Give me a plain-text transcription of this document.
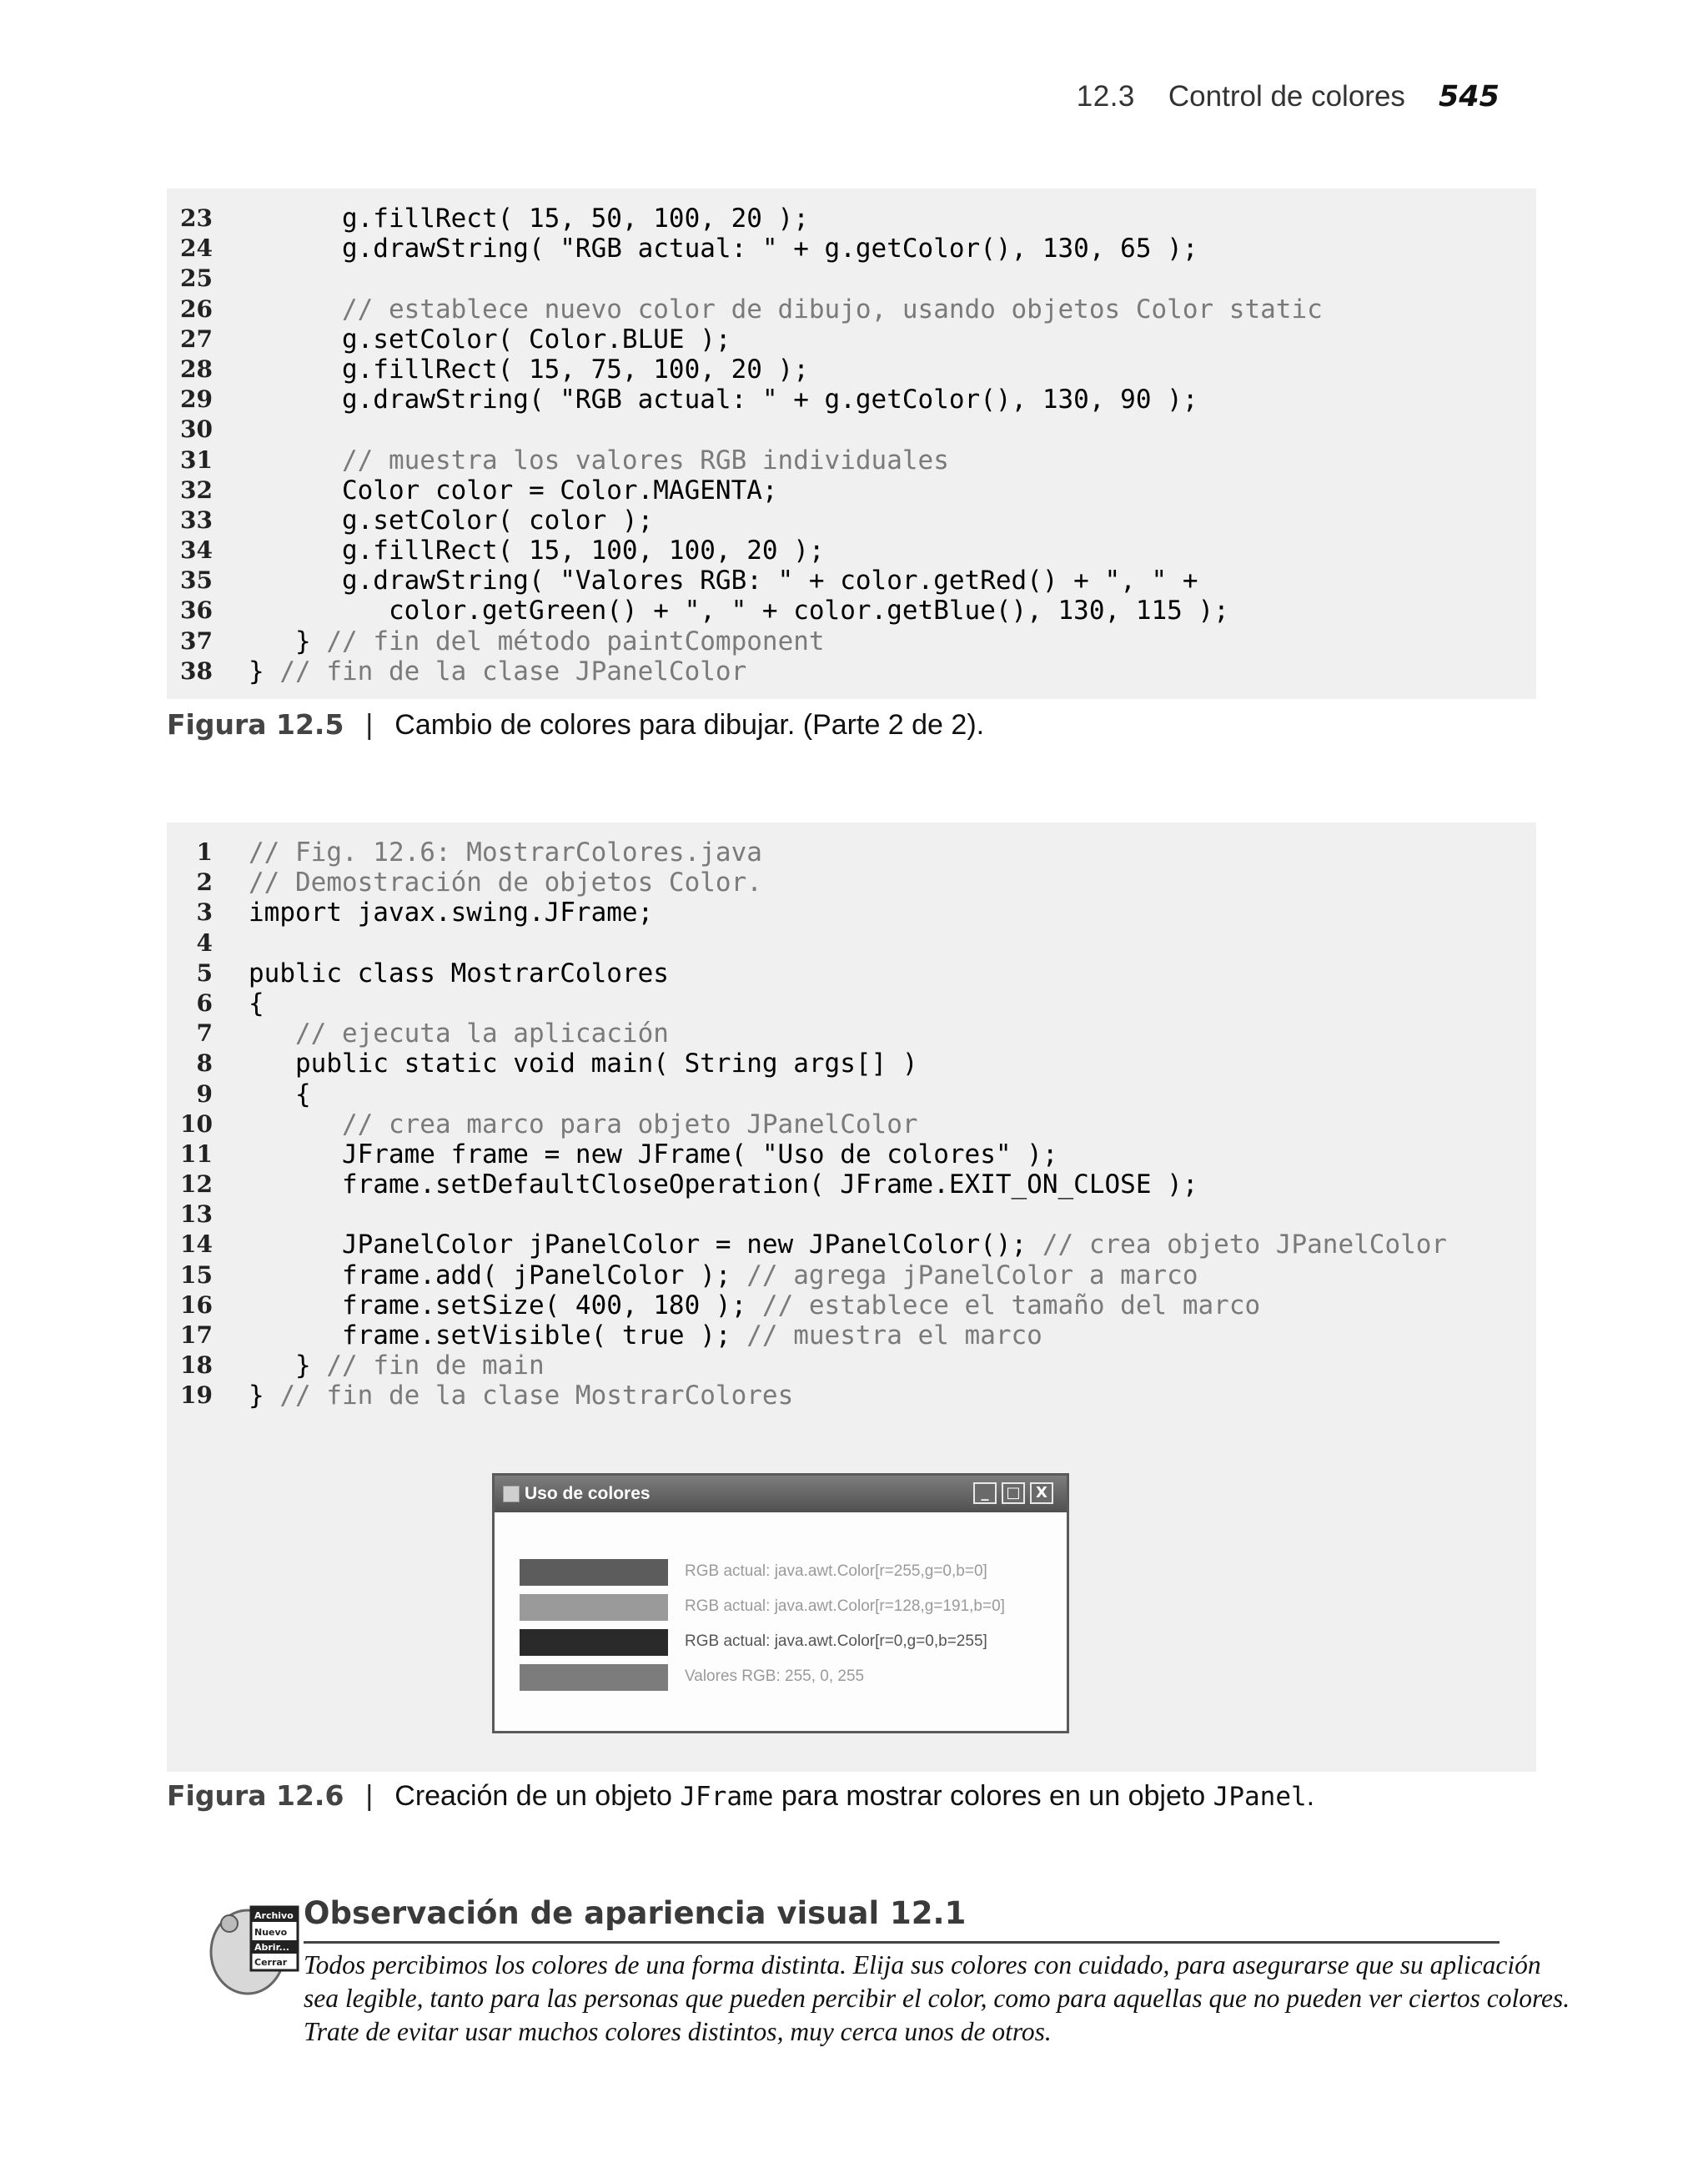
12.3 Control de colores 545
23 g.fillRect( 15, 50, 100, 20 );
24 g.drawString( "RGB actual: " + g.getColor(), 130, 65 );
25
26 // establece nuevo color de dibujo, usando objetos Color static
27 g.setColor( Color.BLUE );
28 g.fillRect( 15, 75, 100, 20 );
29 g.drawString( "RGB actual: " + g.getColor(), 130, 90 );
30
31 // muestra los valores RGB individuales
32 Color color = Color.MAGENTA;
33 g.setColor( color );
34 g.fillRect( 15, 100, 100, 20 );
35 g.drawString( "Valores RGB: " + color.getRed() + ", " +
36 color.getGreen() + ", " + color.getBlue(), 130, 115 );
37 } // fin del método paintComponent
38 } // fin de la clase JPanelColor
Figura 12.5 | Cambio de colores para dibujar. (Parte 2 de 2).
1 // Fig. 12.6: MostrarColores.java
2 // Demostración de objetos Color.
3 import javax.swing.JFrame;
4
5 public class MostrarColores
6 {
7 // ejecuta la aplicación
8 public static void main( String args[] )
9 {
10 // crea marco para objeto JPanelColor
11 JFrame frame = new JFrame( "Uso de colores" );
12 frame.setDefaultCloseOperation( JFrame.EXIT_ON_CLOSE );
13
14 JPanelColor jPanelColor = new JPanelColor(); // crea objeto JPanelColor
15 frame.add( jPanelColor ); // agrega jPanelColor a marco
16 frame.setSize( 400, 180 ); // establece el tamaño del marco
17 frame.setVisible( true ); // muestra el marco
18 } // fin de main
19 } // fin de la clase MostrarColores
Uso de colores	_	□	X
RGB actual: java.awt.Color[r=255,g=0,b=0]
RGB actual: java.awt.Color[r=128,g=191,b=0]
RGB actual: java.awt.Color[r=0,g=0,b=255]
Valores RGB: 255, 0, 255
Figura 12.6 | Creación de un objeto JFrame para mostrar colores en un objeto JPanel .
Archivo
Nuevo
Abrir...
Cerrar
Observación de apariencia visual 12.1
Todos percibimos los colores de una forma distinta. Elija sus colores con cuidado, para asegurarse que su aplicación
sea legible, tanto para las personas que pueden percibir el color, como para aquellas que no pueden ver ciertos colores.
Trate de evitar usar muchos colores distintos, muy cerca unos de otros.
